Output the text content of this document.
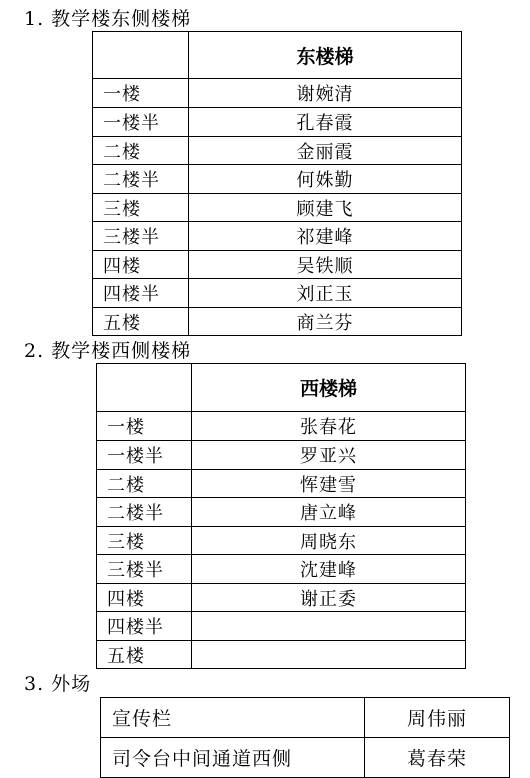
1. 教学楼东侧楼梯
	东楼梯
一楼	谢婉清
一楼半	孔春霞
二楼	金丽霞
二楼半	何姝勤
三楼	顾建飞
三楼半	祁建峰
四楼	吴铁顺
四楼半	刘正玉
五楼	商兰芬
2. 教学楼西侧楼梯
	西楼梯
一楼	张春花
一楼半	罗亚兴
二楼	恽建雪
二楼半	唐立峰
三楼	周晓东
三楼半	沈建峰
四楼	谢正委
四楼半	
五楼	
3. 外场
宣传栏	周伟丽
司令台中间通道西侧	葛春荣
